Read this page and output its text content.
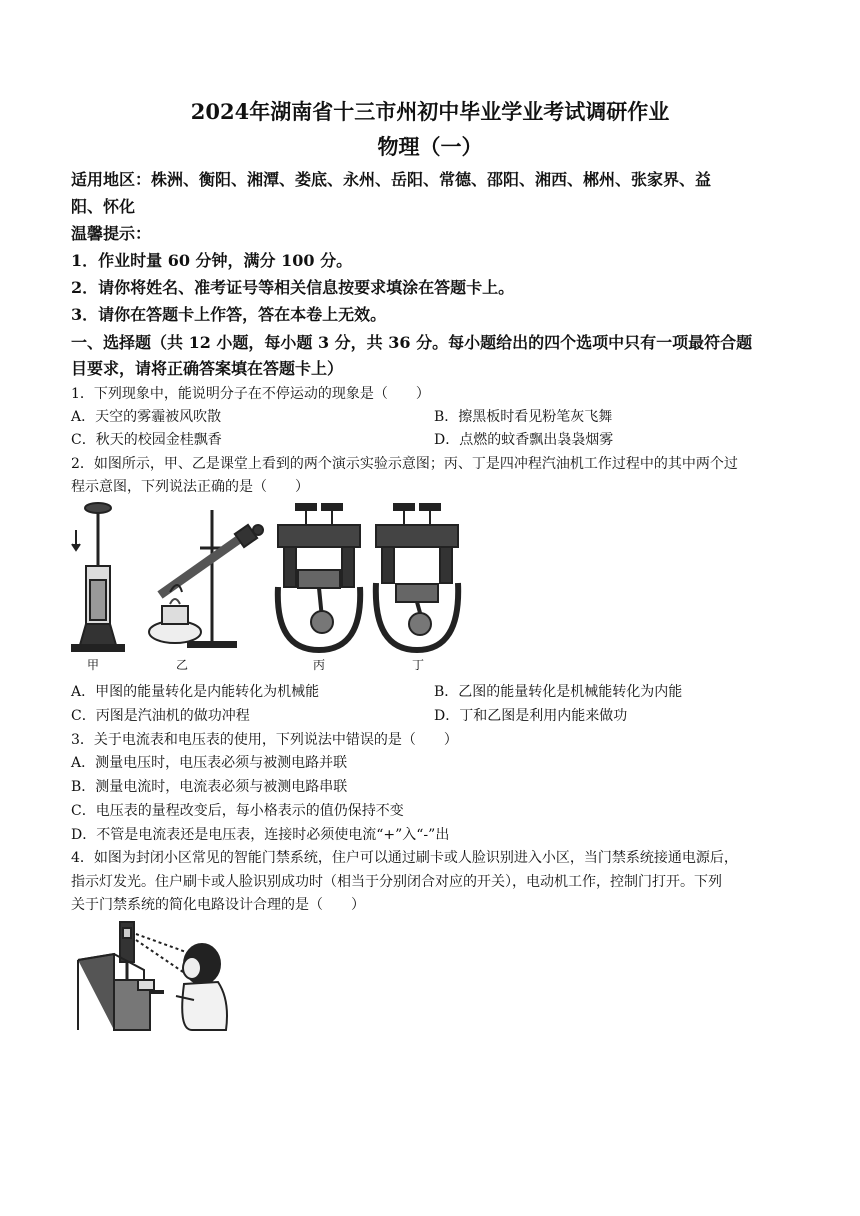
2024年湖南省十三市州初中毕业学业考试调研作业
物理（一）
适用地区：株洲、衡阳、湘潭、娄底、永州、岳阳、常德、邵阳、湘西、郴州、张家界、益
阳、怀化
温馨提示：
1．作业时量 60 分钟，满分 100 分。
2．请你将姓名、准考证号等相关信息按要求填涂在答题卡上。
3．请你在答题卡上作答，答在本卷上无效。
一、选择题（共 12 小题，每小题 3 分，共 36 分。每小题给出的四个选项中只有一项最符合题
目要求，请将正确答案填在答题卡上）
1．下列现象中，能说明分子在不停运动的现象是（　　）
A．天空的雾霾被风吹散	B．擦黑板时看见粉笔灰飞舞
C．秋天的校园金桂飘香	D．点燃的蚊香飘出袅袅烟雾
2．如图所示，甲、乙是课堂上看到的两个演示实验示意图；丙、丁是四冲程汽油机工作过程中的其中两个过
程示意图，下列说法正确的是（　　）
甲	乙	丙	丁
A．甲图的能量转化是内能转化为机械能	B．乙图的能量转化是机械能转化为内能
C．丙图是汽油机的做功冲程	D．丁和乙图是利用内能来做功
3．关于电流表和电压表的使用，下列说法中错误的是（　　）
A．测量电压时，电压表必须与被测电路并联
B．测量电流时，电流表必须与被测电路串联
C．电压表的量程改变后，每小格表示的值仍保持不变
D．不管是电流表还是电压表，连接时必须使电流“+”入“-”出
4．如图为封闭小区常见的智能门禁系统，住户可以通过刷卡或人脸识别进入小区，当门禁系统接通电源后，
指示灯发光。住户刷卡或人脸识别成功时（相当于分别闭合对应的开关），电动机工作，控制门打开。下列
关于门禁系统的简化电路设计合理的是（　　）
